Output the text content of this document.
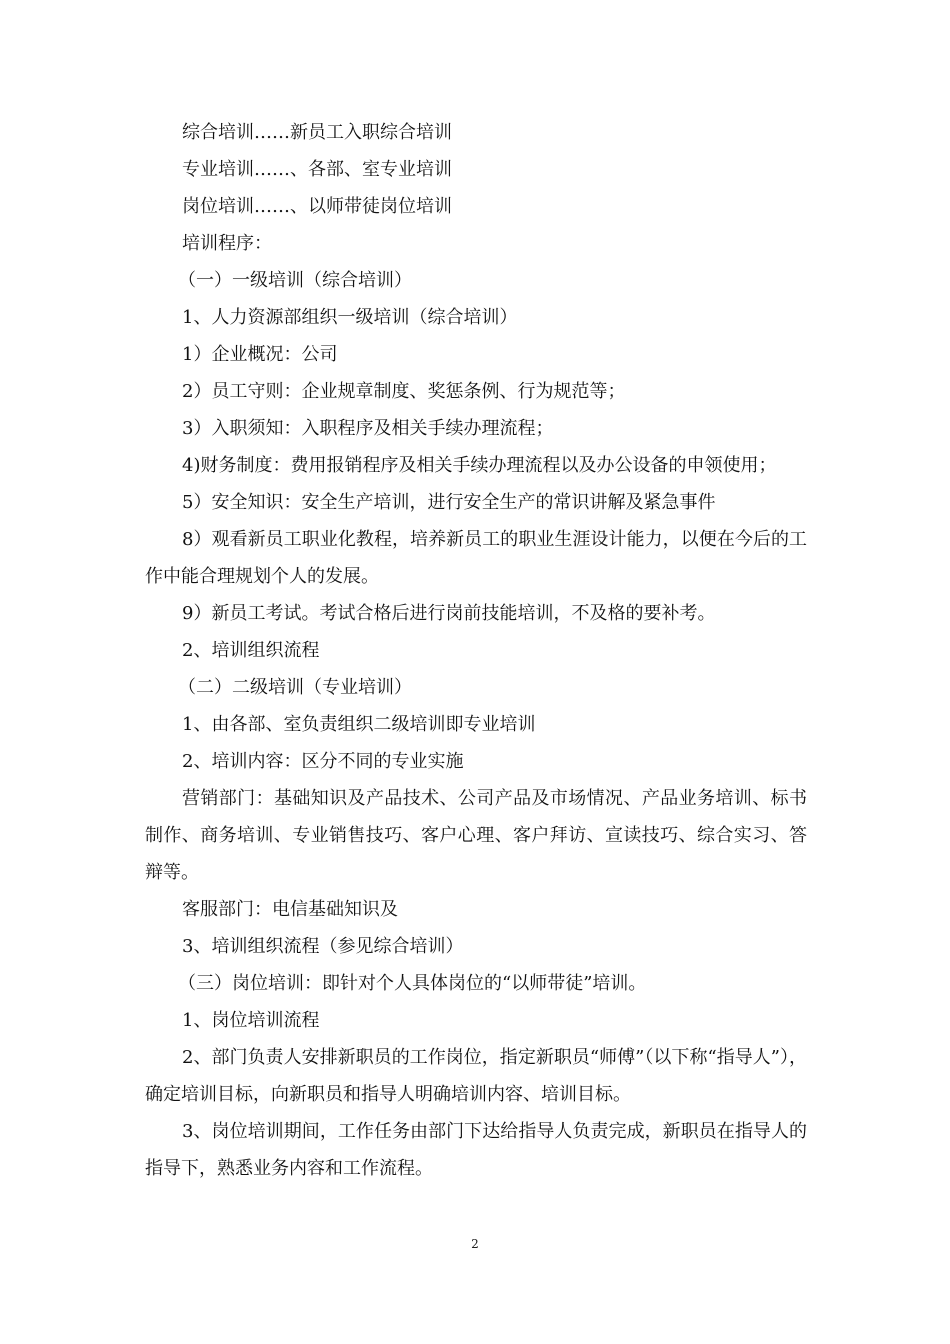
综合培训……新员工入职综合培训

专业培训……、各部、室专业培训

岗位培训……、以师带徒岗位培训

培训程序：

（一）一级培训（综合培训）

1、人力资源部组织一级培训（综合培训）

1）企业概况：公司

2）员工守则：企业规章制度、奖惩条例、行为规范等；

3）入职须知：入职程序及相关手续办理流程；

4)财务制度：费用报销程序及相关手续办理流程以及办公设备的申领使用；

5）安全知识：安全生产培训，进行安全生产的常识讲解及紧急事件

8）观看新员工职业化教程，培养新员工的职业生涯设计能力，以便在今后的工作中能合理规划个人的发展。

9）新员工考试。考试合格后进行岗前技能培训，不及格的要补考。

2、培训组织流程

（二）二级培训（专业培训）

1、由各部、室负责组织二级培训即专业培训

2、培训内容：区分不同的专业实施

营销部门：基础知识及产品技术、公司产品及市场情况、产品业务培训、标书制作、商务培训、专业销售技巧、客户心理、客户拜访、宣读技巧、综合实习、答辩等。

客服部门：电信基础知识及

3、培训组织流程（参见综合培训）

（三）岗位培训：即针对个人具体岗位的“以师带徒”培训。

1、岗位培训流程

2、部门负责人安排新职员的工作岗位，指定新职员“师傅”（以下称“指导人”），确定培训目标，向新职员和指导人明确培训内容、培训目标。

3、岗位培训期间，工作任务由部门下达给指导人负责完成，新职员在指导人的指导下，熟悉业务内容和工作流程。

2
